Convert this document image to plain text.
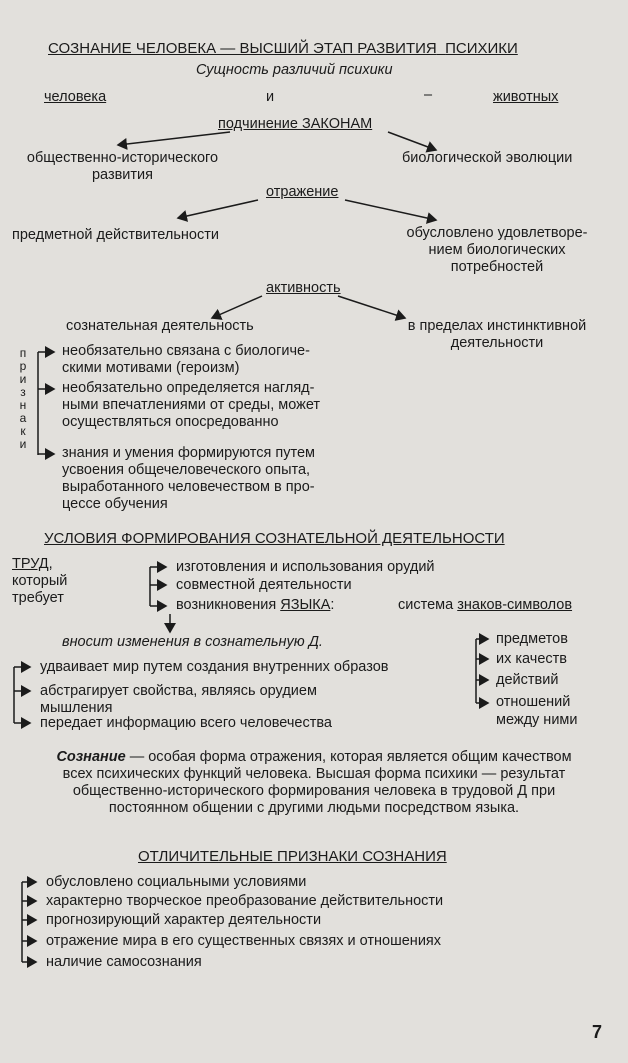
СОЗНАНИЕ ЧЕЛОВЕКА — ВЫСШИЙ ЭТАП РАЗВИТИЯ ПСИХИКИ
Сущность различий психики
человека	и	–	животных
подчинение ЗАКОНАМ
общественно-исторического
развития
биологической эволюции
отражение
предметной действительности	обусловлено удовлетворе-
нием биологических
потребностей
активность
сознательная деятельность	в пределах инстинктивной
деятельности
п
р
и
з
н
а
к
и
необязательно связана с биологиче-
скими мотивами (героизм)
необязательно определяется нагляд-
ными впечатлениями от среды, может
осуществляться опосредованно
знания и умения формируются путем
усвоения общечеловеческого опыта,
выработанного человечеством в про-
цессе обучения
УСЛОВИЯ ФОРМИРОВАНИЯ СОЗНАТЕЛЬНОЙ ДЕЯТЕЛЬНОСТИ
ТРУД,
который
требует
изготовления и использования орудий
совместной деятельности
возникновения ЯЗЫКА:	система знаков-символов
вносит изменения в сознательную Д.	предметов
их качеств
действий
отношений
между ними
удваивает мир путем создания внутренних образов
абстрагирует свойства, являясь орудием
мышления
передает информацию всего человечества
Сознание — особая форма отражения, которая является общим качеством
всех психических функций человека. Высшая форма психики — результат
общественно-исторического формирования человека в трудовой Д при
постоянном общении с другими людьми посредством языка.
ОТЛИЧИТЕЛЬНЫЕ ПРИЗНАКИ СОЗНАНИЯ
обусловлено социальными условиями
характерно творческое преобразование действительности
прогнозирующий характер деятельности
отражение мира в его существенных связях и отношениях
наличие самосознания
7
